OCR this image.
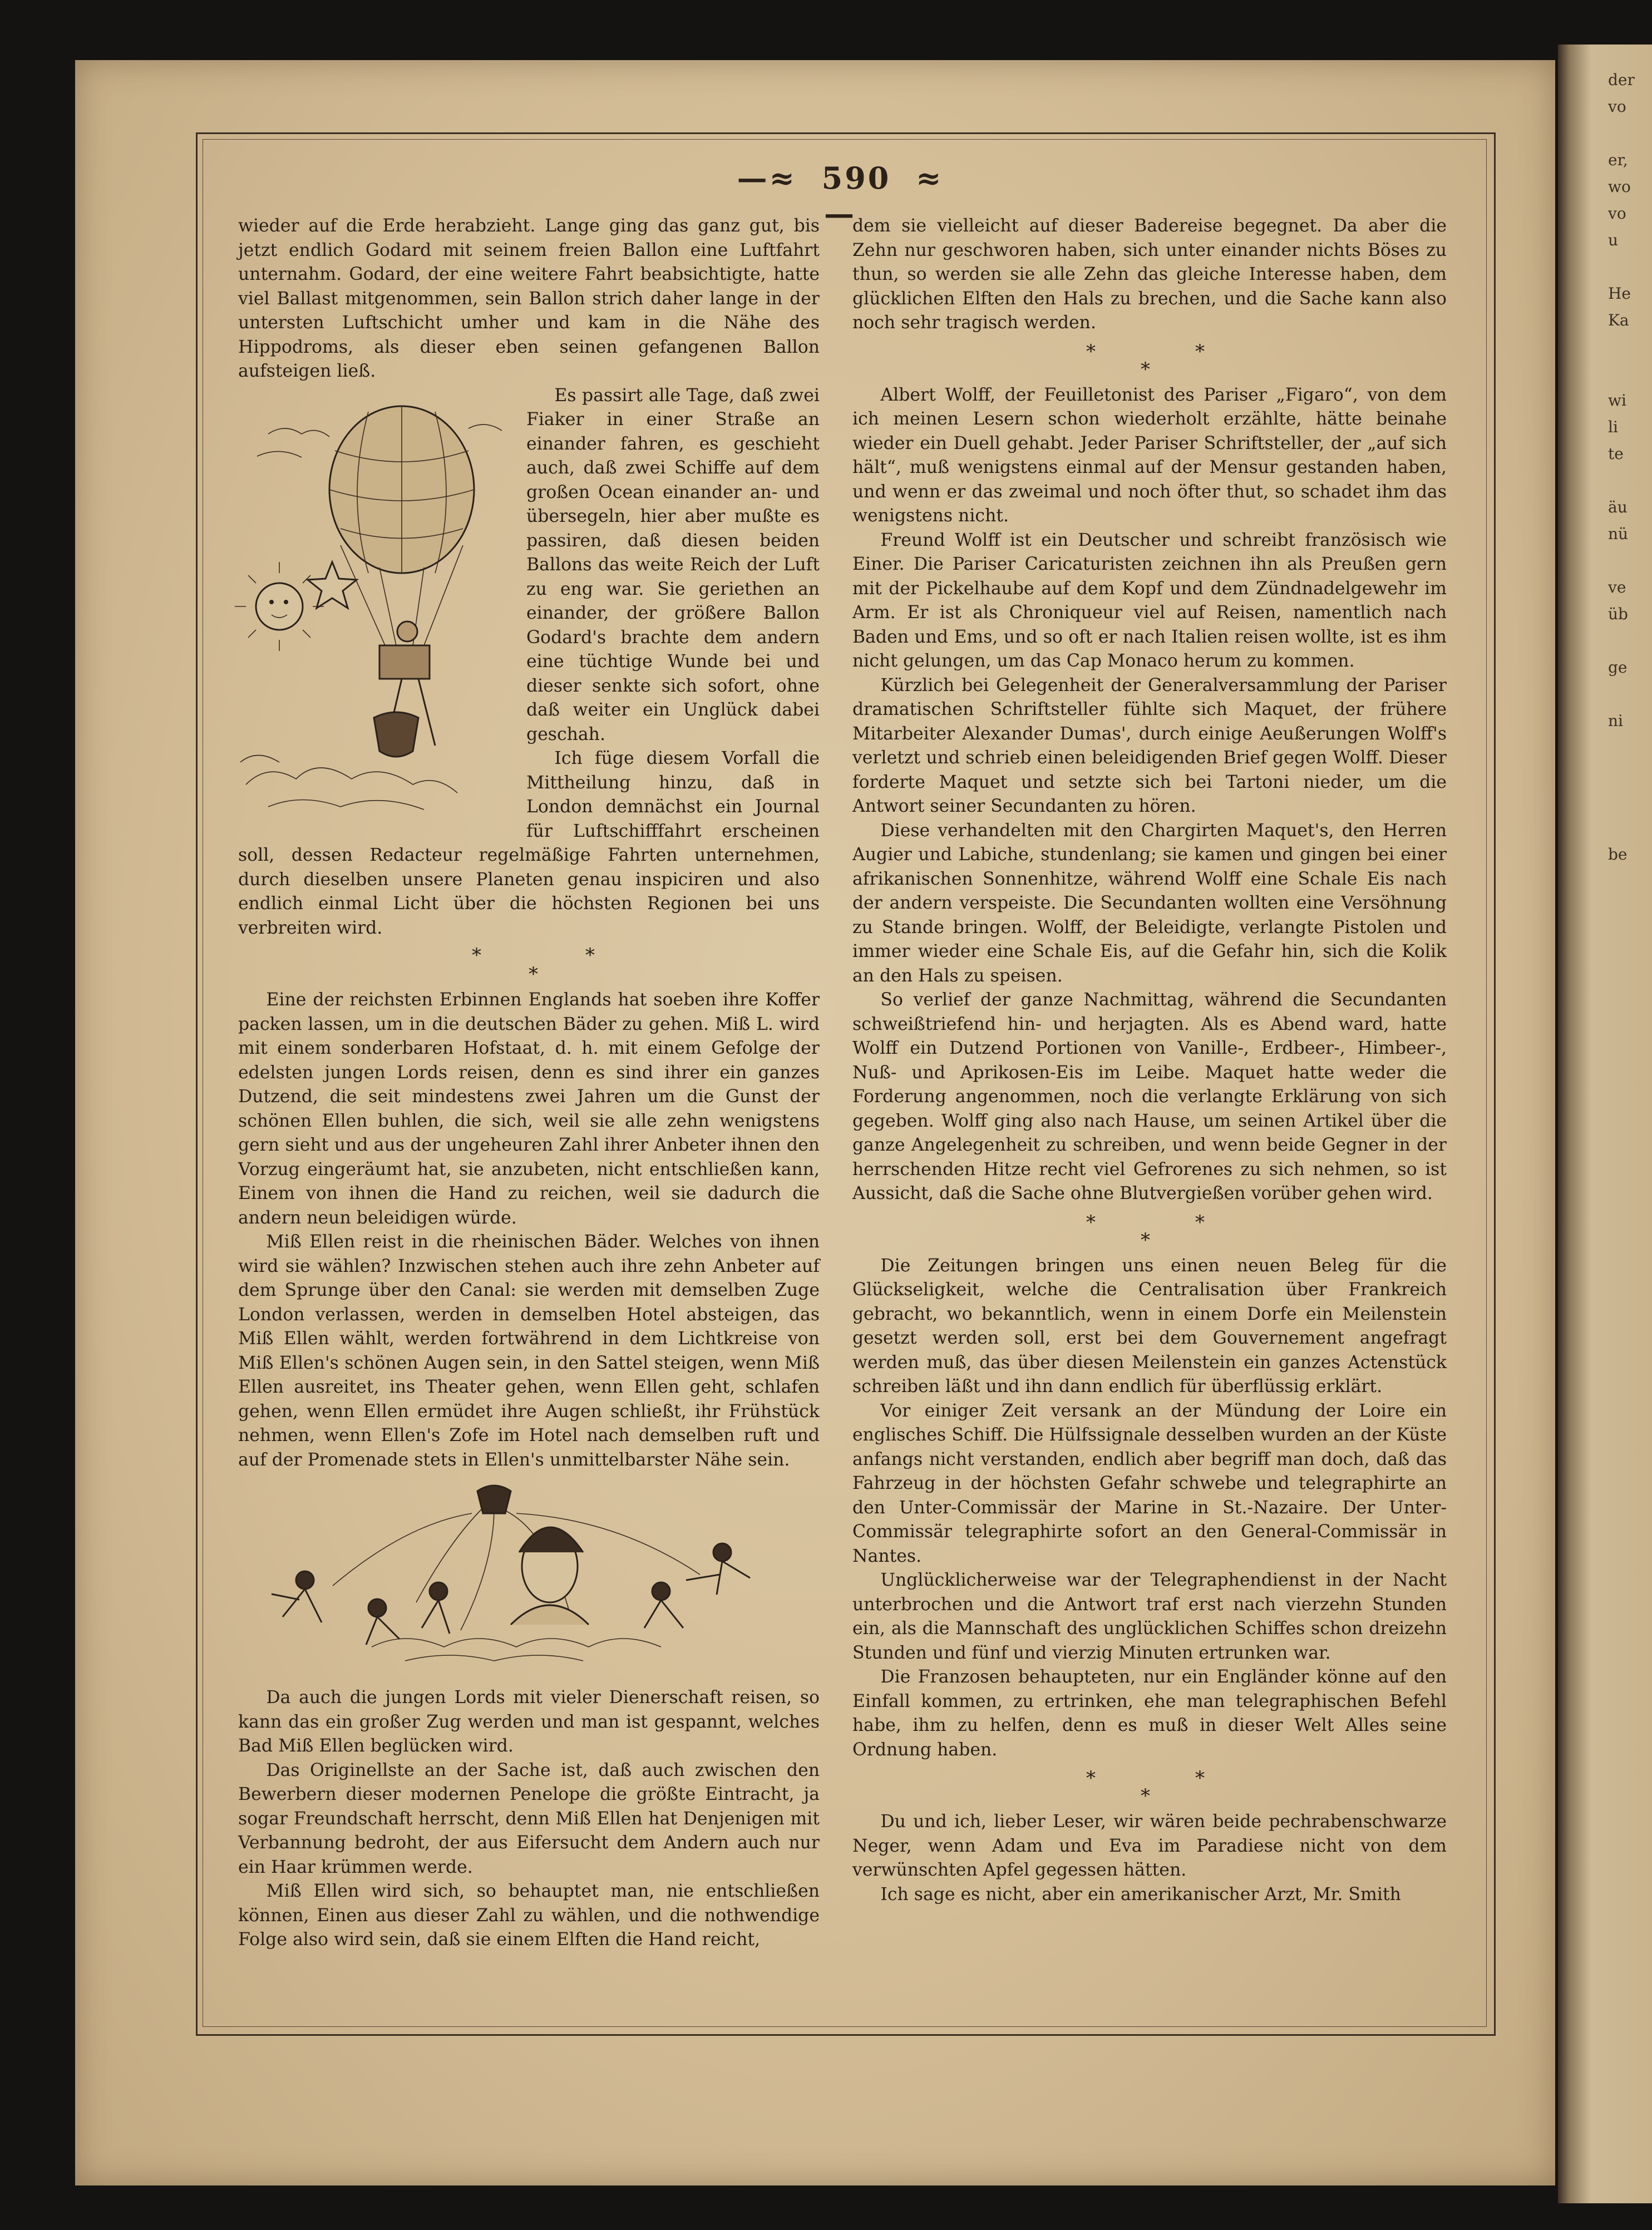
der
vo
er,
wo
vo
u
He
Ka
wi
li
te
äu
nü
ve
üb
ge
ni
be
—≈ 590 ≈—

wieder auf die Erde herabzieht. Lange ging das ganz gut, bis jetzt endlich Godard mit seinem freien Ballon eine Luftfahrt unternahm. Godard, der eine weitere Fahrt beabsichtigte, hatte viel Ballast mitgenommen, sein Ballon strich daher lange in der untersten Luftschicht umher und kam in die Nähe des Hippodroms, als dieser eben seinen gefangenen Ballon aufsteigen ließ.

Es passirt alle Tage, daß zwei Fiaker in einer Straße an einander fahren, es geschieht auch, daß zwei Schiffe auf dem großen Ocean einander an- und übersegeln, hier aber mußte es passiren, daß diesen beiden Ballons das weite Reich der Luft zu eng war. Sie geriethen an einander, der größere Ballon Godard's brachte dem andern eine tüchtige Wunde bei und dieser senkte sich sofort, ohne daß weiter ein Unglück dabei geschah.

Ich füge diesem Vorfall die Mittheilung hinzu, daß in London demnächst ein Journal für Luftschifffahrt erscheinen soll, dessen Redacteur regelmäßige Fahrten unternehmen, durch dieselben unsere Planeten genau inspiciren und also endlich einmal Licht über die höchsten Regionen bei uns verbreiten wird.

*
*
*

Eine der reichsten Erbinnen Englands hat soeben ihre Koffer packen lassen, um in die deutschen Bäder zu gehen. Miß L. wird mit einem sonderbaren Hofstaat, d. h. mit einem Gefolge der edelsten jungen Lords reisen, denn es sind ihrer ein ganzes Dutzend, die seit mindestens zwei Jahren um die Gunst der schönen Ellen buhlen, die sich, weil sie alle zehn wenigstens gern sieht und aus der ungeheuren Zahl ihrer Anbeter ihnen den Vorzug eingeräumt hat, sie anzubeten, nicht entschließen kann, Einem von ihnen die Hand zu reichen, weil sie dadurch die andern neun beleidigen würde.

Miß Ellen reist in die rheinischen Bäder. Welches von ihnen wird sie wählen? Inzwischen stehen auch ihre zehn Anbeter auf dem Sprunge über den Canal: sie werden mit demselben Zuge London verlassen, werden in demselben Hotel absteigen, das Miß Ellen wählt, werden fortwährend in dem Lichtkreise von Miß Ellen's schönen Augen sein, in den Sattel steigen, wenn Miß Ellen ausreitet, ins Theater gehen, wenn Ellen geht, schlafen gehen, wenn Ellen ermüdet ihre Augen schließt, ihr Frühstück nehmen, wenn Ellen's Zofe im Hotel nach demselben ruft und auf der Promenade stets in Ellen's unmittelbarster Nähe sein.

Da auch die jungen Lords mit vieler Dienerschaft reisen, so kann das ein großer Zug werden und man ist gespannt, welches Bad Miß Ellen beglücken wird.

Das Originellste an der Sache ist, daß auch zwischen den Bewerbern dieser modernen Penelope die größte Eintracht, ja sogar Freundschaft herrscht, denn Miß Ellen hat Denjenigen mit Verbannung bedroht, der aus Eifersucht dem Andern auch nur ein Haar krümmen werde.

Miß Ellen wird sich, so behauptet man, nie entschließen können, Einen aus dieser Zahl zu wählen, und die nothwendige Folge also wird sein, daß sie einem Elften die Hand reicht,

dem sie vielleicht auf dieser Badereise begegnet. Da aber die Zehn nur geschworen haben, sich unter einander nichts Böses zu thun, so werden sie alle Zehn das gleiche Interesse haben, dem glücklichen Elften den Hals zu brechen, und die Sache kann also noch sehr tragisch werden.

*
*
*

Albert Wolff, der Feuilletonist des Pariser „Figaro“, von dem ich meinen Lesern schon wiederholt erzählte, hätte beinahe wieder ein Duell gehabt. Jeder Pariser Schriftsteller, der „auf sich hält“, muß wenigstens einmal auf der Mensur gestanden haben, und wenn er das zweimal und noch öfter thut, so schadet ihm das wenigstens nicht.

Freund Wolff ist ein Deutscher und schreibt französisch wie Einer. Die Pariser Caricaturisten zeichnen ihn als Preußen gern mit der Pickelhaube auf dem Kopf und dem Zündnadelgewehr im Arm. Er ist als Chroniqueur viel auf Reisen, namentlich nach Baden und Ems, und so oft er nach Italien reisen wollte, ist es ihm nicht gelungen, um das Cap Monaco herum zu kommen.

Kürzlich bei Gelegenheit der Generalversammlung der Pariser dramatischen Schriftsteller fühlte sich Maquet, der frühere Mitarbeiter Alexander Dumas', durch einige Aeußerungen Wolff's verletzt und schrieb einen beleidigenden Brief gegen Wolff. Dieser forderte Maquet und setzte sich bei Tartoni nieder, um die Antwort seiner Secundanten zu hören.

Diese verhandelten mit den Chargirten Maquet's, den Herren Augier und Labiche, stundenlang; sie kamen und gingen bei einer afrikanischen Sonnenhitze, während Wolff eine Schale Eis nach der andern verspeiste. Die Secundanten wollten eine Versöhnung zu Stande bringen. Wolff, der Beleidigte, verlangte Pistolen und immer wieder eine Schale Eis, auf die Gefahr hin, sich die Kolik an den Hals zu speisen.

So verlief der ganze Nachmittag, während die Secundanten schweißtriefend hin- und herjagten. Als es Abend ward, hatte Wolff ein Dutzend Portionen von Vanille-, Erdbeer-, Himbeer-, Nuß- und Aprikosen-Eis im Leibe. Maquet hatte weder die Forderung angenommen, noch die verlangte Erklärung von sich gegeben. Wolff ging also nach Hause, um seinen Artikel über die ganze Angelegenheit zu schreiben, und wenn beide Gegner in der herrschenden Hitze recht viel Gefrorenes zu sich nehmen, so ist Aussicht, daß die Sache ohne Blutvergießen vorüber gehen wird.

*
*
*

Die Zeitungen bringen uns einen neuen Beleg für die Glückseligkeit, welche die Centralisation über Frankreich gebracht, wo bekanntlich, wenn in einem Dorfe ein Meilenstein gesetzt werden soll, erst bei dem Gouvernement angefragt werden muß, das über diesen Meilenstein ein ganzes Actenstück schreiben läßt und ihn dann endlich für überflüssig erklärt.

Vor einiger Zeit versank an der Mündung der Loire ein englisches Schiff. Die Hülfssignale desselben wurden an der Küste anfangs nicht verstanden, endlich aber begriff man doch, daß das Fahrzeug in der höchsten Gefahr schwebe und telegraphirte an den Unter-Commissär der Marine in St.-Nazaire. Der Unter-Commissär telegraphirte sofort an den General-Commissär in Nantes.

Unglücklicherweise war der Telegraphendienst in der Nacht unterbrochen und die Antwort traf erst nach vierzehn Stunden ein, als die Mannschaft des unglücklichen Schiffes schon dreizehn Stunden und fünf und vierzig Minuten ertrunken war.

Die Franzosen behaupteten, nur ein Engländer könne auf den Einfall kommen, zu ertrinken, ehe man telegraphischen Befehl habe, ihm zu helfen, denn es muß in dieser Welt Alles seine Ordnung haben.

*
*
*

Du und ich, lieber Leser, wir wären beide pechrabenschwarze Neger, wenn Adam und Eva im Paradiese nicht von dem verwünschten Apfel gegessen hätten.

Ich sage es nicht, aber ein amerikanischer Arzt, Mr. Smith
